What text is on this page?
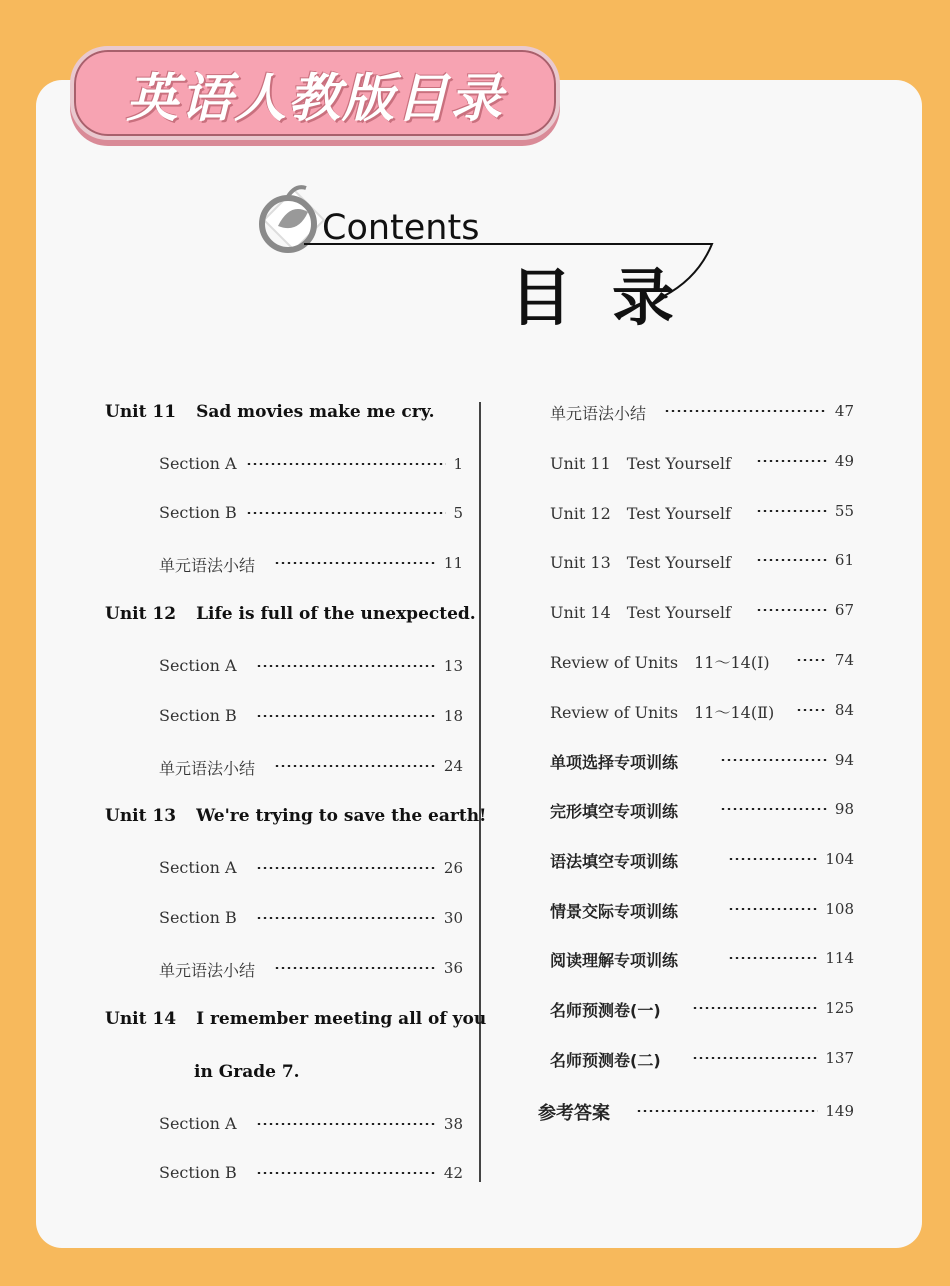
英语人教版目录
Contents
目录
Unit 11 Sad movies make me cry.
Section A	1
Section B	5
单元语法小结	11
Unit 12 Life is full of the unexpected.
Section A	13
Section B	18
单元语法小结	24
Unit 13 We're trying to save the earth!
Section A	26
Section B	30
单元语法小结	36
Unit 14 I remember meeting all of you
in Grade 7.
Section A	38
Section B	42
单元语法小结	47
Unit 11　Test Yourself	49
Unit 12　Test Yourself	55
Unit 13　Test Yourself	61
Unit 14　Test Yourself	67
Review of Units　11～14(Ⅰ)	74
Review of Units　11～14(Ⅱ)	84
单项选择专项训练	94
完形填空专项训练	98
语法填空专项训练	104
情景交际专项训练	108
阅读理解专项训练	114
名师预测卷(一)	125
名师预测卷(二)	137
参考答案	149
